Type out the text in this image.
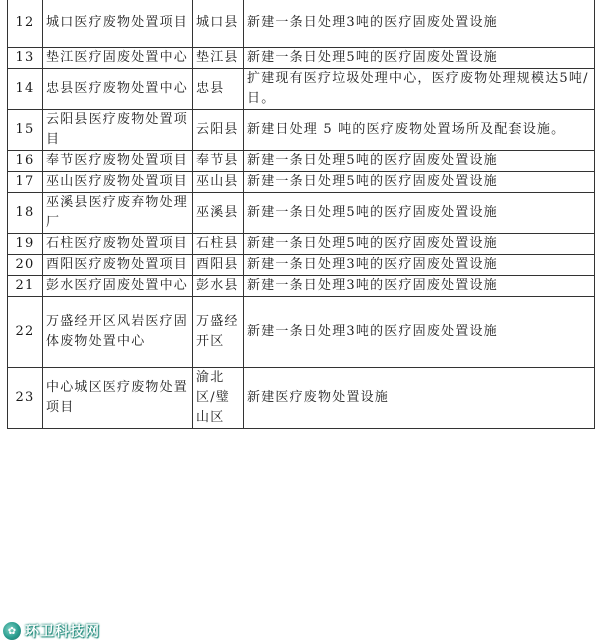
12	城口医疗废物处置项目	城口县	新建一条日处理3吨的医疗固废处置设施
13	垫江医疗固废处置中心	垫江县	新建一条日处理5吨的医疗固废处置设施
14	忠县医疗废物处置中心	忠县	扩建现有医疗垃圾处理中心，医疗废物处理规模达5吨/日。
15	云阳县医疗废物处置项目	云阳县	新建日处理 5 吨的医疗废物处置场所及配套设施。
16	奉节医疗废物处置项目	奉节县	新建一条日处理5吨的医疗固废处置设施
17	巫山医疗废物处置项目	巫山县	新建一条日处理5吨的医疗固废处置设施
18	巫溪县医疗废弃物处理厂	巫溪县	新建一条日处理5吨的医疗固废处置设施
19	石柱医疗废物处置项目	石柱县	新建一条日处理5吨的医疗固废处置设施
20	酉阳医疗废物处置项目	酉阳县	新建一条日处理3吨的医疗固废处置设施
21	彭水医疗固废处置中心	彭水县	新建一条日处理3吨的医疗固废处置设施
22	万盛经开区风岩医疗固体废物处置中心	万盛经开区	新建一条日处理3吨的医疗固废处置设施
23	中心城区医疗废物处置项目	渝北区/璧山区	新建医疗废物处置设施
✿ 环卫科技网
